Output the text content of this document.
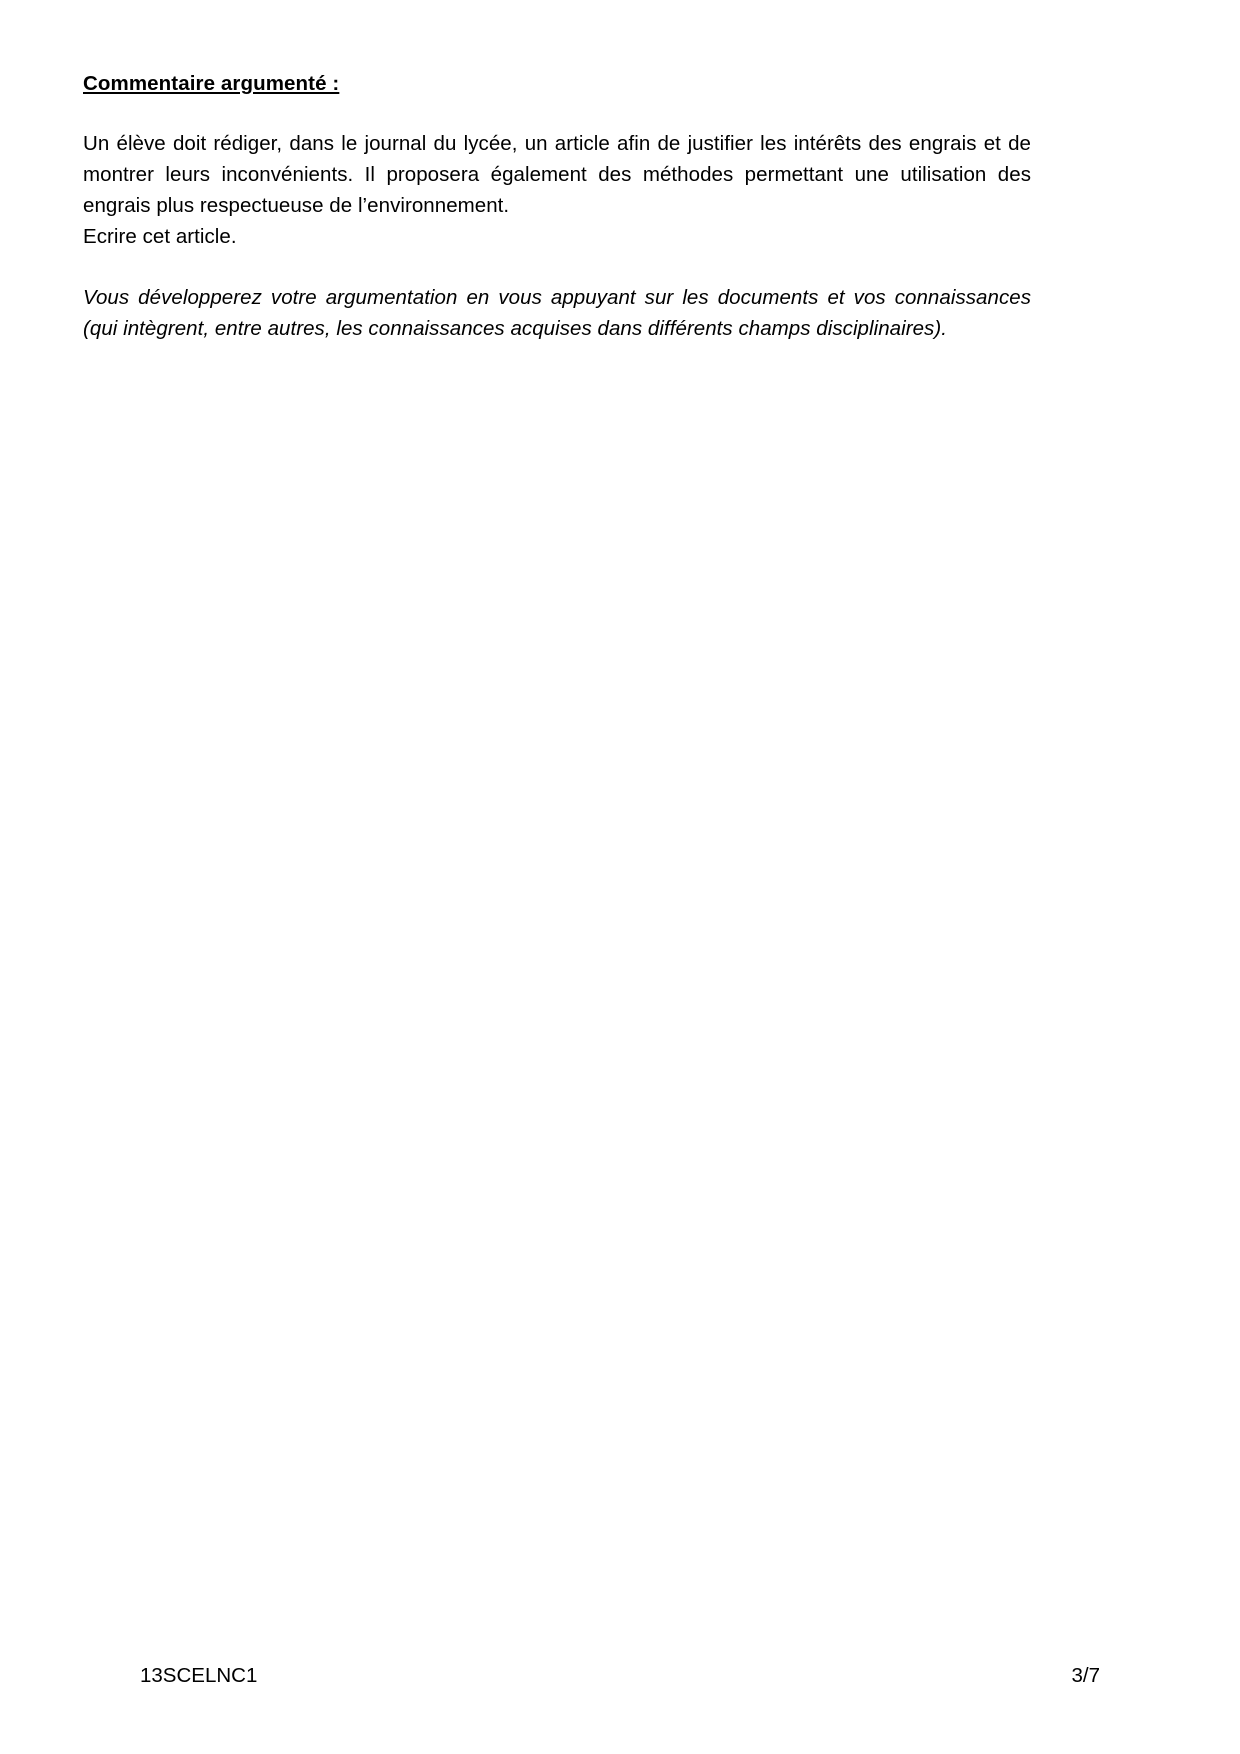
Commentaire argumenté :

Un élève doit rédiger, dans le journal du lycée, un article afin de justifier les intérêts des engrais et de montrer leurs inconvénients. Il proposera également des méthodes permettant une utilisation des engrais plus respectueuse de l’environnement.

Ecrire cet article.

Vous développerez votre argumentation en vous appuyant sur les documents et vos connaissances (qui intègrent, entre autres, les connaissances acquises dans différents champs disciplinaires).

13SCELNC1	3/7
